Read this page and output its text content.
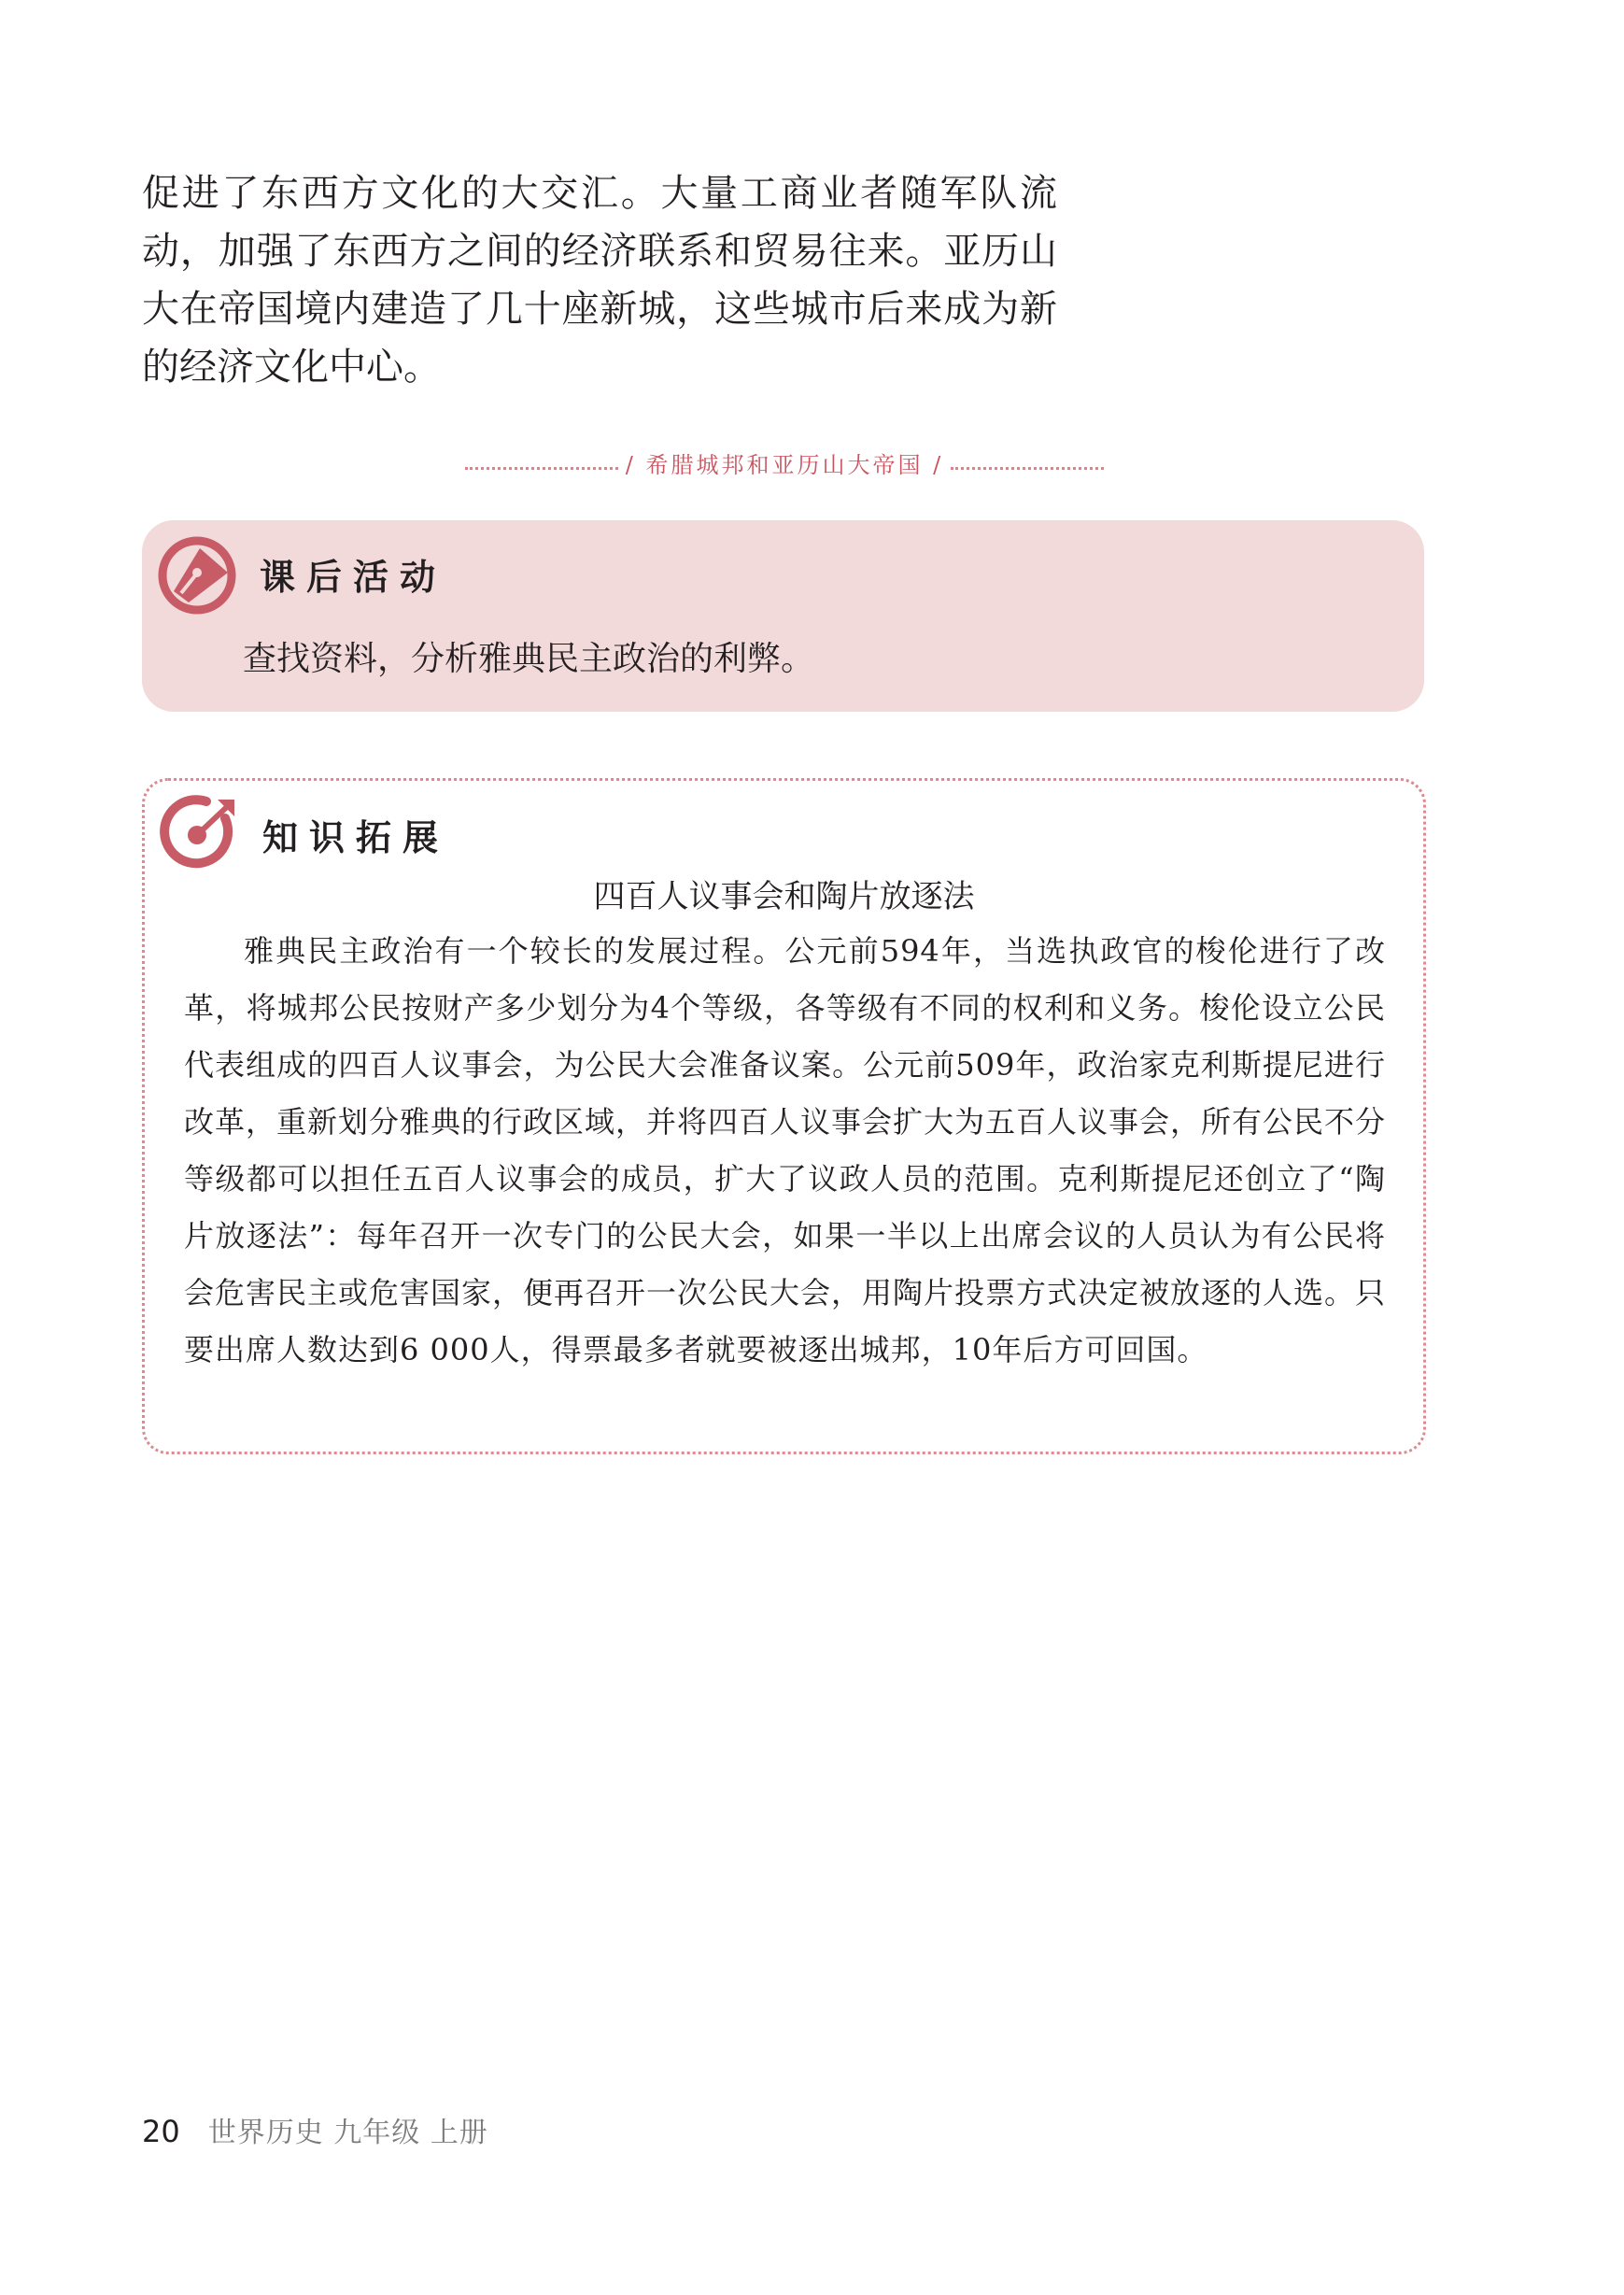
促进了东西方文化的大交汇。大量工商业者随军队流动，加强了东西方之间的经济联系和贸易往来。亚历山大在帝国境内建造了几十座新城，这些城市后来成为新的经济文化中心。

/ 希腊城邦和亚历山大帝国 /
课后活动

查找资料，分析雅典民主政治的利弊。

知识拓展

四百人议事会和陶片放逐法

雅典民主政治有一个较长的发展过程。公元前594年，当选执政官的梭伦进行了改革，将城邦公民按财产多少划分为4个等级，各等级有不同的权利和义务。梭伦设立公民代表组成的四百人议事会，为公民大会准备议案。公元前509年，政治家克利斯提尼进行改革，重新划分雅典的行政区域，并将四百人议事会扩大为五百人议事会，所有公民不分等级都可以担任五百人议事会的成员，扩大了议政人员的范围。克利斯提尼还创立了“陶片放逐法”：每年召开一次专门的公民大会，如果一半以上出席会议的人员认为有公民将会危害民主或危害国家，便再召开一次公民大会，用陶片投票方式决定被放逐的人选。只要出席人数达到6 000人，得票最多者就要被逐出城邦，10年后方可回国。

20 世界历史 九年级 上册
